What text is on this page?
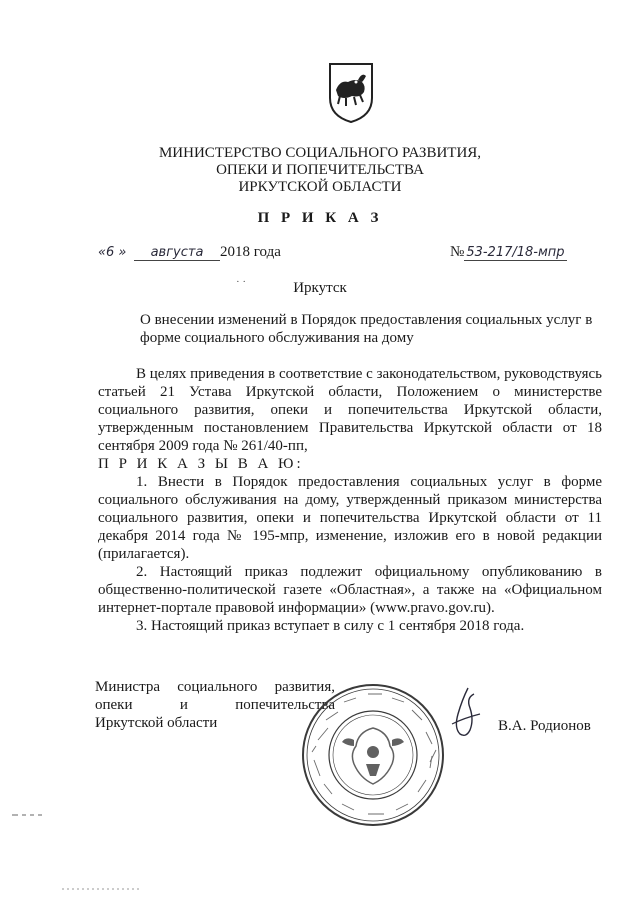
МИНИСТЕРСТВО СОЦИАЛЬНОГО РАЗВИТИЯ,
ОПЕКИ И ПОПЕЧИТЕЛЬСТВА
ИРКУТСКОЙ ОБЛАСТИ
П Р И К А З
«6 » августа 2018 года	№ 53-217/18-мпр
· ·	Иркутск
О внесении изменений в Порядок предоставления социальных услуг в форме социального обслуживания на дому

В целях приведения в соответствие с законодательством, руководствуясь статьей 21 Устава Иркутской области, Положением о министерстве социального развития, опеки и попечительства Иркутской области, утвержденным постановлением Правительства Иркутской области от 18 сентября 2009 года № 261/40-пп,

П Р И К А З Ы В А Ю:

1. Внести в Порядок предоставления социальных услуг в форме социального обслуживания на дому, утвержденный приказом министерства социального развития, опеки и попечительства Иркутской области от 11 декабря 2014 года № 195-мпр, изменение, изложив его в новой редакции (прилагается).

2. Настоящий приказ подлежит официальному опубликованию в общественно-политической газете «Областная», а также на «Официальном интернет-портале правовой информации» (www.pravo.gov.ru).

3. Настоящий приказ вступает в силу с 1 сентября 2018 года.

Министра социального развития,
опеки	и	попечительства
Иркутской области	В.А. Родионов
